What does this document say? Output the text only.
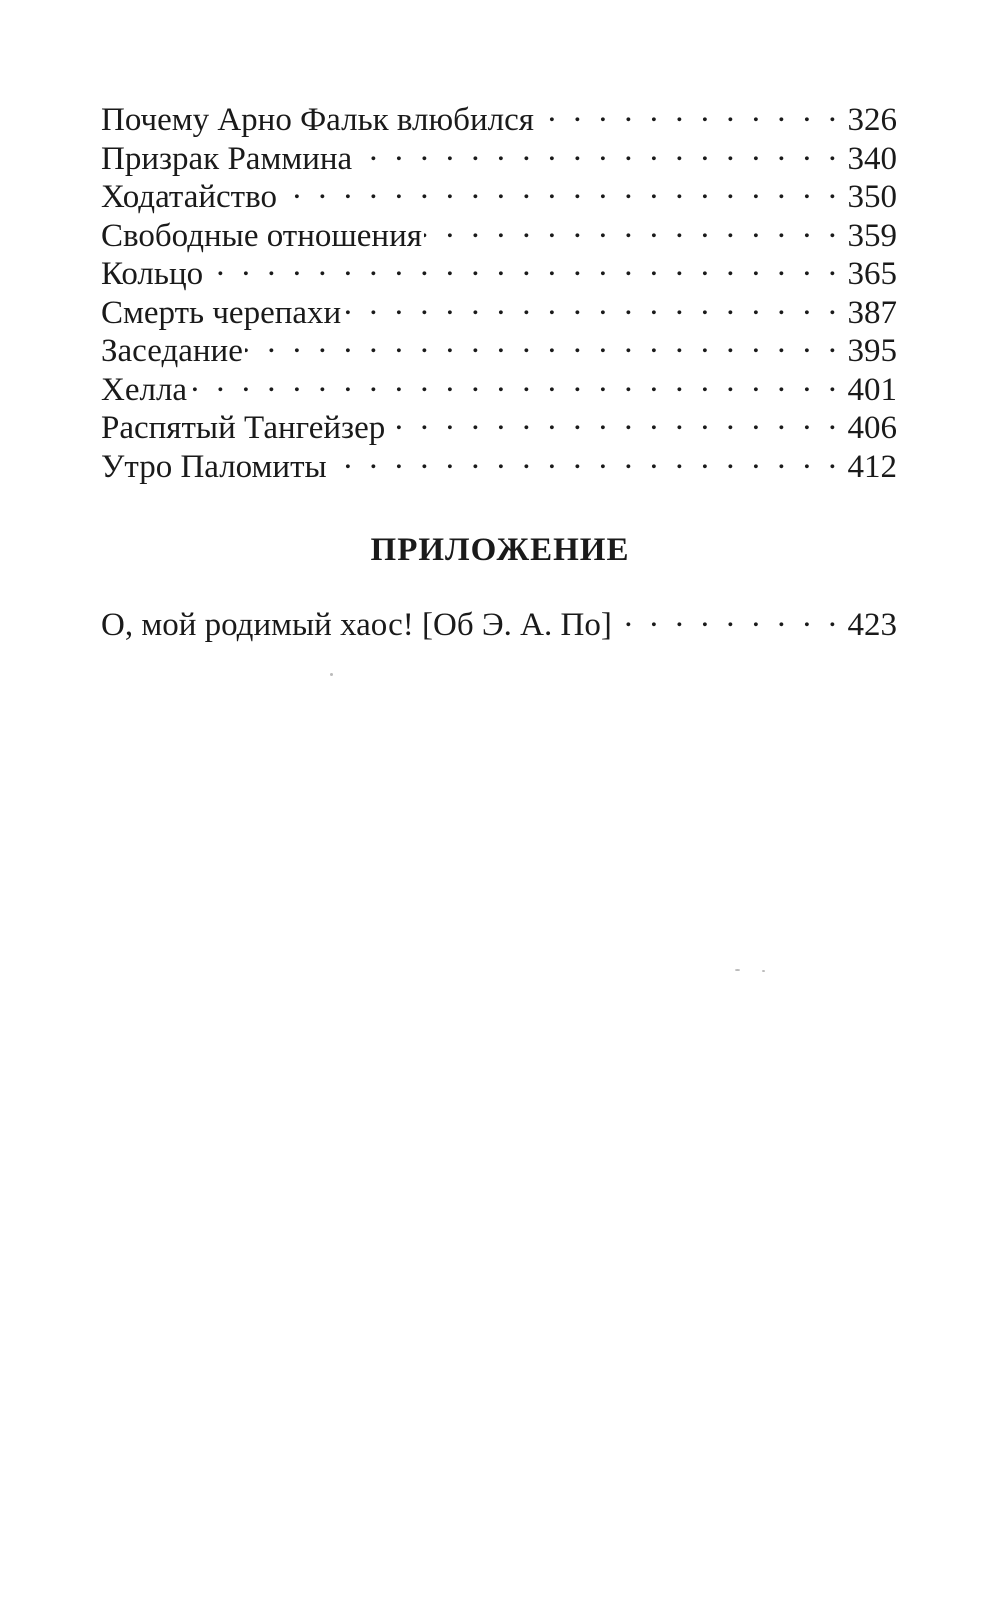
Почему Арно Фальк влюбился . . .	326
Призрак Раммина . . .	340
Ходатайство . . .	350
Свободные отношения . . .	359
Кольцо . . .	365
Смерть черепахи . . .	387
Заседание . . .	395
Хелла . . .	401
Распятый Тангейзер . . .	406
Утро Паломиты . . .	412
ПРИЛОЖЕНИЕ
О, мой родимый хаос! [Об Э. А. По] . . .	423
